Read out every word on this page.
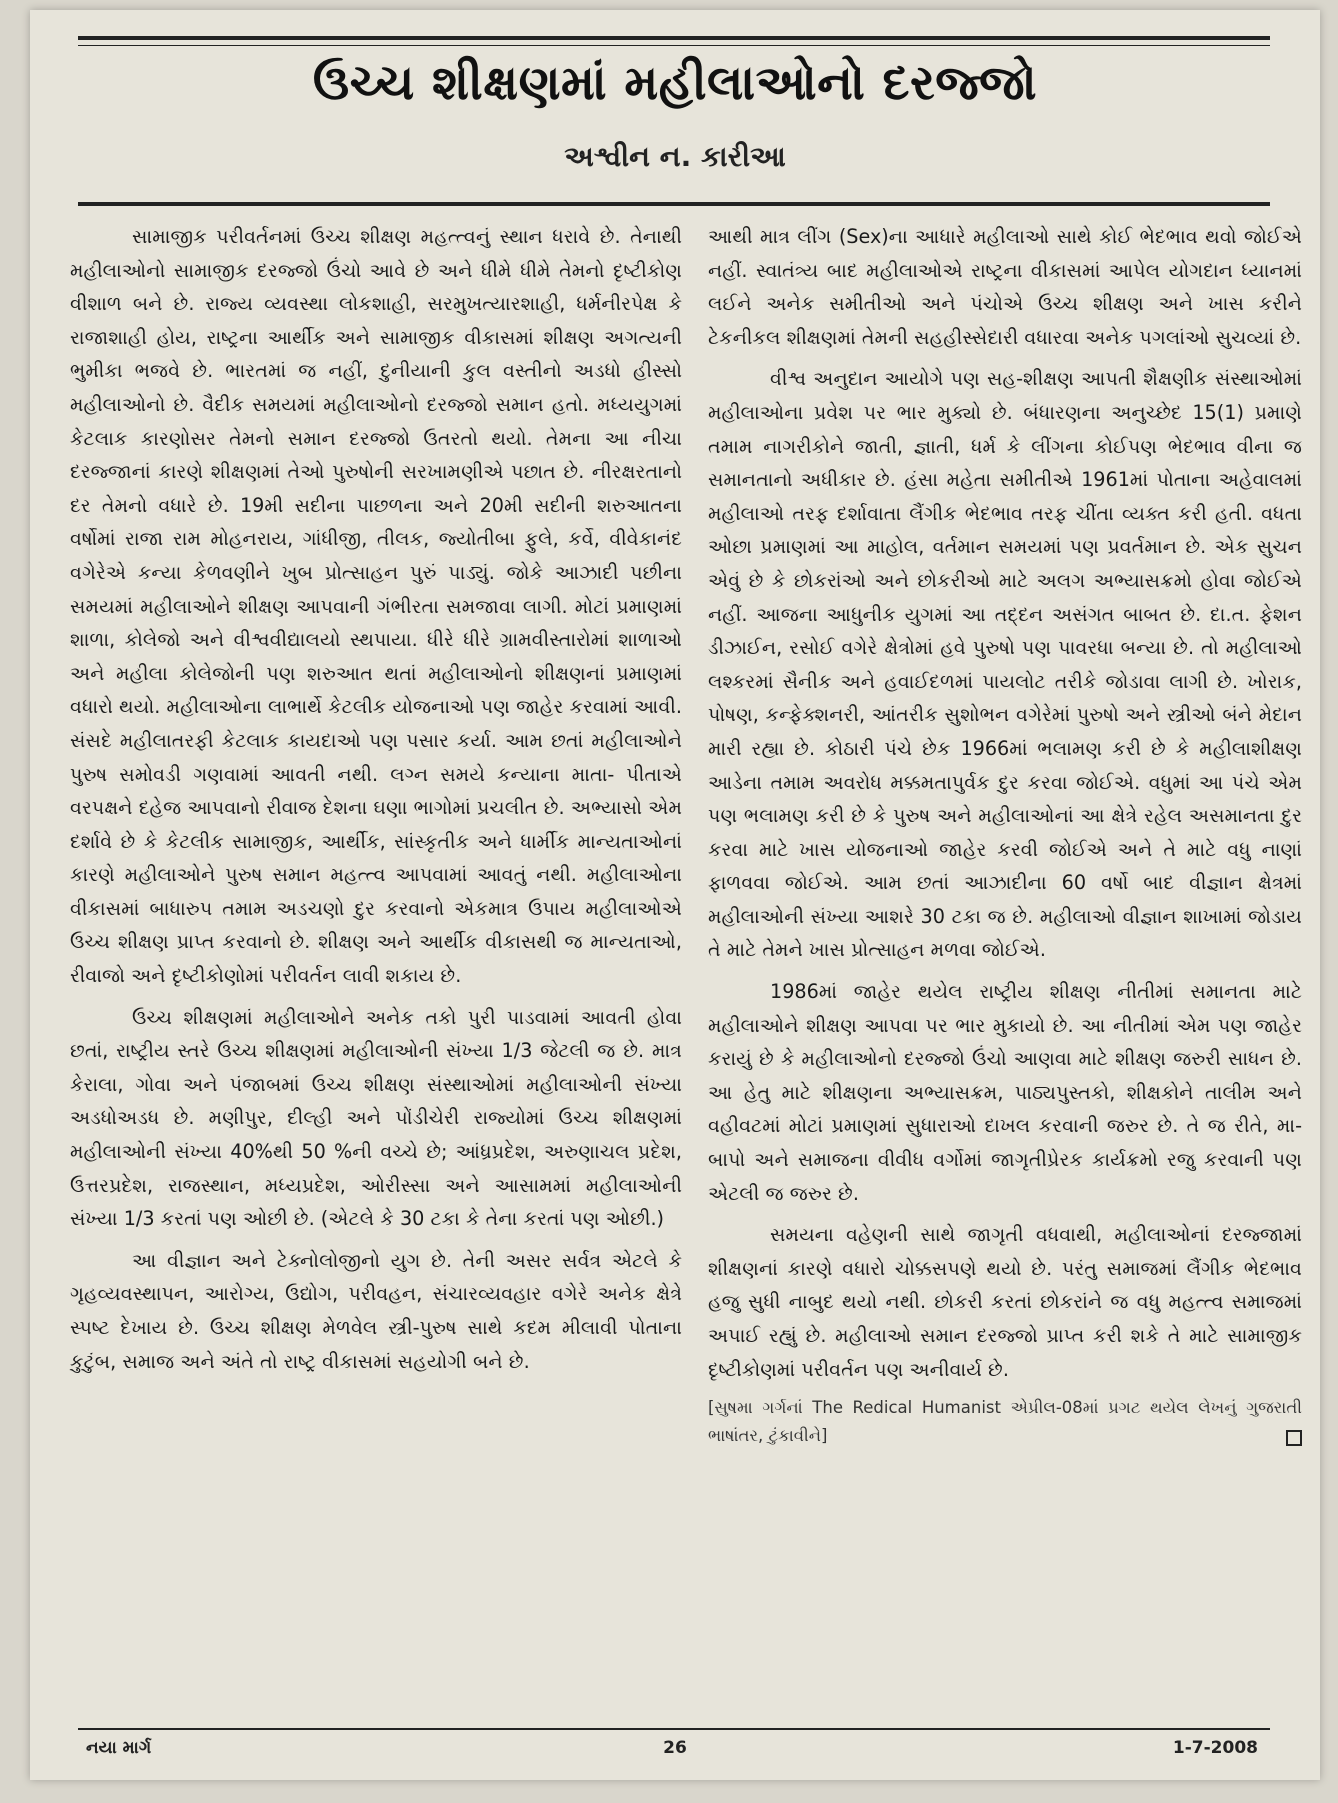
ઉચ્ચ શીક્ષણમાં મહીલાઓનો દરજ્જો
અશ્વીન ન. કારીઆ

સામાજીક પરીવર્તનમાં ઉચ્ચ શીક્ષણ મહત્ત્વનું સ્થાન ધરાવે છે. તેનાથી મહીલાઓનો સામાજીક દરજ્જો ઉંચો આવે છે અને ધીમે ધીમે તેમનો દૃષ્ટીકોણ વીશાળ બને છે. રાજ્ય વ્યવસ્થા લોકશાહી, સરમુખત્યારશાહી, ધર્મનીરપેક્ષ કે રાજાશાહી હોય, રાષ્ટ્રના આર્થીક અને સામાજીક વીકાસમાં શીક્ષણ અગત્યની ભુમીકા ભજવે છે. ભારતમાં જ નહીં, દુનીયાની કુલ વસ્તીનો અડધો હીસ્સો મહીલાઓનો છે. વૈદીક સમયમાં મહીલાઓનો દરજ્જો સમાન હતો. મધ્યયુગમાં કેટલાક કારણોસર તેમનો સમાન દરજ્જો ઉતરતો થયો. તેમના આ નીચા દરજ્જાનાં કારણે શીક્ષણમાં તેઓ પુરુષોની સરખામણીએ પછાત છે. નીરક્ષરતાનો દર તેમનો વધારે છે. 19મી સદીના પાછળના અને 20મી સદીની શરુઆતના વર્ષોમાં રાજા રામ મોહનરાય, ગાંધીજી, તીલક, જ્યોતીબા ફુલે, કર્વે, વીવેકાનંદ વગેરેએ કન્યા કેળવણીને ખુબ પ્રોત્સાહન પુરું પાડ્યું. જોકે આઝાદી પછીના સમયમાં મહીલાઓને શીક્ષણ આપવાની ગંભીરતા સમજાવા લાગી. મોટાં પ્રમાણમાં શાળા, કોલેજો અને વીશ્વવીદ્યાલયો સ્થપાયા. ધીરે ધીરે ગ્રામવીસ્તારોમાં શાળાઓ અને મહીલા કોલેજોની પણ શરુઆત થતાં મહીલાઓનો શીક્ષણનાં પ્રમાણમાં વધારો થયો. મહીલાઓના લાભાર્થે કેટલીક યોજનાઓ પણ જાહેર કરવામાં આવી. સંસદે મહીલાતરફી કેટલાક કાયદાઓ પણ પસાર કર્યા. આમ છતાં મહીલાઓને પુરુષ સમોવડી ગણવામાં આવતી નથી. લગ્ન સમયે કન્યાના માતા- પીતાએ વરપક્ષને દહેજ આપવાનો રીવાજ દેશના ઘણા ભાગોમાં પ્રચલીત છે. અભ્યાસો એમ દર્શાવે છે કે કેટલીક સામાજીક, આર્થીક, સાંસ્કૃતીક અને ધાર્મીક માન્યતાઓનાં કારણે મહીલાઓને પુરુષ સમાન મહત્ત્વ આપવામાં આવતું નથી. મહીલાઓના વીકાસમાં બાધારુપ તમામ અડચણો દુર કરવાનો એકમાત્ર ઉપાય મહીલાઓએ ઉચ્ચ શીક્ષણ પ્રાપ્ત કરવાનો છે. શીક્ષણ અને આર્થીક વીકાસથી જ માન્યતાઓ, રીવાજો અને દૃષ્ટીકોણોમાં પરીવર્તન લાવી શકાય છે.

ઉચ્ચ શીક્ષણમાં મહીલાઓને અનેક તકો પુરી પાડવામાં આવતી હોવા છતાં, રાષ્ટ્રીય સ્તરે ઉચ્ચ શીક્ષણમાં મહીલાઓની સંખ્યા 1/3 જેટલી જ છે. માત્ર કેરાલા, ગોવા અને પંજાબમાં ઉચ્ચ શીક્ષણ સંસ્થાઓમાં મહીલાઓની સંખ્યા અડધોઅડધ છે. મણીપુર, દીલ્હી અને પોંડીચેરી રાજ્યોમાં ઉચ્ચ શીક્ષણમાં મહીલાઓની સંખ્યા 40%થી 50 %ની વચ્ચે છે; આંધ્રપ્રદેશ, અરુણાચલ પ્રદેશ, ઉત્તરપ્રદેશ, રાજસ્થાન, મધ્યપ્રદેશ, ઓરીસ્સા અને આસામમાં મહીલાઓની સંખ્યા 1/3 કરતાં પણ ઓછી છે. (એટલે કે 30 ટકા કે તેના કરતાં પણ ઓછી.)

આ વીજ્ઞાન અને ટેક્નોલોજીનો યુગ છે. તેની અસર સર્વત્ર એટલે કે ગૃહવ્યવસ્થાપન, આરોગ્ય, ઉદ્યોગ, પરીવહન, સંચારવ્યવહાર વગેરે અનેક ક્ષેત્રે સ્પષ્ટ દેખાય છે. ઉચ્ચ શીક્ષણ મેળવેલ સ્ત્રી-પુરુષ સાથે કદમ મીલાવી પોતાના કુટુંબ, સમાજ અને અંતે તો રાષ્ટ્ર વીકાસમાં સહયોગી બને છે.

આથી માત્ર લીંગ (Sex)ના આધારે મહીલાઓ સાથે કોઈ ભેદભાવ થવો જોઈએ નહીં. સ્વાતંત્ર્ય બાદ મહીલાઓએ રાષ્ટ્રના વીકાસમાં આપેલ યોગદાન ધ્યાનમાં લઈને અનેક સમીતીઓ અને પંચોએ ઉચ્ચ શીક્ષણ અને ખાસ કરીને ટેકનીકલ શીક્ષણમાં તેમની સહહીસ્સેદારી વધારવા અનેક પગલાંઓ સુચવ્યાં છે.

વીશ્વ અનુદાન આયોગે પણ સહ-શીક્ષણ આપતી શૈક્ષણીક સંસ્થાઓમાં મહીલાઓના પ્રવેશ પર ભાર મુક્યો છે. બંધારણના અનુચ્છેદ 15(1) પ્રમાણે તમામ નાગરીકોને જાતી, જ્ઞાતી, ધર્મ કે લીંગના કોઈપણ ભેદભાવ વીના જ સમાનતાનો અધીકાર છે. હંસા મહેતા સમીતીએ 1961માં પોતાના અહેવાલમાં મહીલાઓ તરફ દર્શાવાતા લૈંગીક ભેદભાવ તરફ ચીંતા વ્યક્ત કરી હતી. વધતા ઓછા પ્રમાણમાં આ માહોલ, વર્તમાન સમયમાં પણ પ્રવર્તમાન છે. એક સુચન એવું છે કે છોકરાંઓ અને છોકરીઓ માટે અલગ અભ્યાસક્રમો હોવા જોઈએ નહીં. આજના આધુનીક યુગમાં આ તદ્દન અસંગત બાબત છે. દા.ત. ફેશન ડીઝાઈન, રસોઈ વગેરે ક્ષેત્રોમાં હવે પુરુષો પણ પાવરધા બન્યા છે. તો મહીલાઓ લશ્કરમાં સૈનીક અને હવાઈદળમાં પાયલોટ તરીકે જોડાવા લાગી છે. ખોરાક, પોષણ, કન્ફેક્શનરી, આંતરીક સુશોભન વગેરેમાં પુરુષો અને સ્ત્રીઓ બંને મેદાન મારી રહ્યા છે. કોઠારી પંચે છેક 1966માં ભલામણ કરી છે કે મહીલાશીક્ષણ આડેના તમામ અવરોધ મક્કમતાપુર્વક દુર કરવા જોઈએ. વધુમાં આ પંચે એમ પણ ભલામણ કરી છે કે પુરુષ અને મહીલાઓનાં આ ક્ષેત્રે રહેલ અસમાનતા દુર કરવા માટે ખાસ યોજનાઓ જાહેર કરવી જોઈએ અને તે માટે વધુ નાણાં ફાળવવા જોઈએ. આમ છતાં આઝાદીના 60 વર્ષો બાદ વીજ્ઞાન ક્ષેત્રમાં મહીલાઓની સંખ્યા આશરે 30 ટકા જ છે. મહીલાઓ વીજ્ઞાન શાખામાં જોડાય તે માટે તેમને ખાસ પ્રોત્સાહન મળવા જોઈએ.

1986માં જાહેર થયેલ રાષ્ટ્રીય શીક્ષણ નીતીમાં સમાનતા માટે મહીલાઓને શીક્ષણ આપવા પર ભાર મુકાયો છે. આ નીતીમાં એમ પણ જાહેર કરાયું છે કે મહીલાઓનો દરજ્જો ઉંચો આણવા માટે શીક્ષણ જરુરી સાધન છે. આ હેતુ માટે શીક્ષણના અભ્યાસક્રમ, પાઠ્યપુસ્તકો, શીક્ષકોને તાલીમ અને વહીવટમાં મોટાં પ્રમાણમાં સુધારાઓ દાખલ કરવાની જરુર છે. તે જ રીતે, મા-બાપો અને સમાજના વીવીધ વર્ગોમાં જાગૃતીપ્રેરક કાર્યક્રમો રજુ કરવાની પણ એટલી જ જરુર છે.

સમયના વહેણની સાથે જાગૃતી વધવાથી, મહીલાઓનાં દરજ્જામાં શીક્ષણનાં કારણે વધારો ચોક્કસપણે થયો છે. પરંતુ સમાજમાં લૈંગીક ભેદભાવ હજુ સુધી નાબુદ થયો નથી. છોકરી કરતાં છોકરાંને જ વધુ મહત્ત્વ સમાજમાં અપાઈ રહ્યું છે. મહીલાઓ સમાન દરજ્જો પ્રાપ્ત કરી શકે તે માટે સામાજીક દૃષ્ટીકોણમાં પરીવર્તન પણ અનીવાર્ય છે.

[સુષમા ગર્ગનાં The Redical Humanist એપ્રીલ-08માં પ્રગટ થયેલ લેખનું ગુજરાતી ભાષાંતર, ટુંકાવીને]

નયા માર્ગ	26	1-7-2008
